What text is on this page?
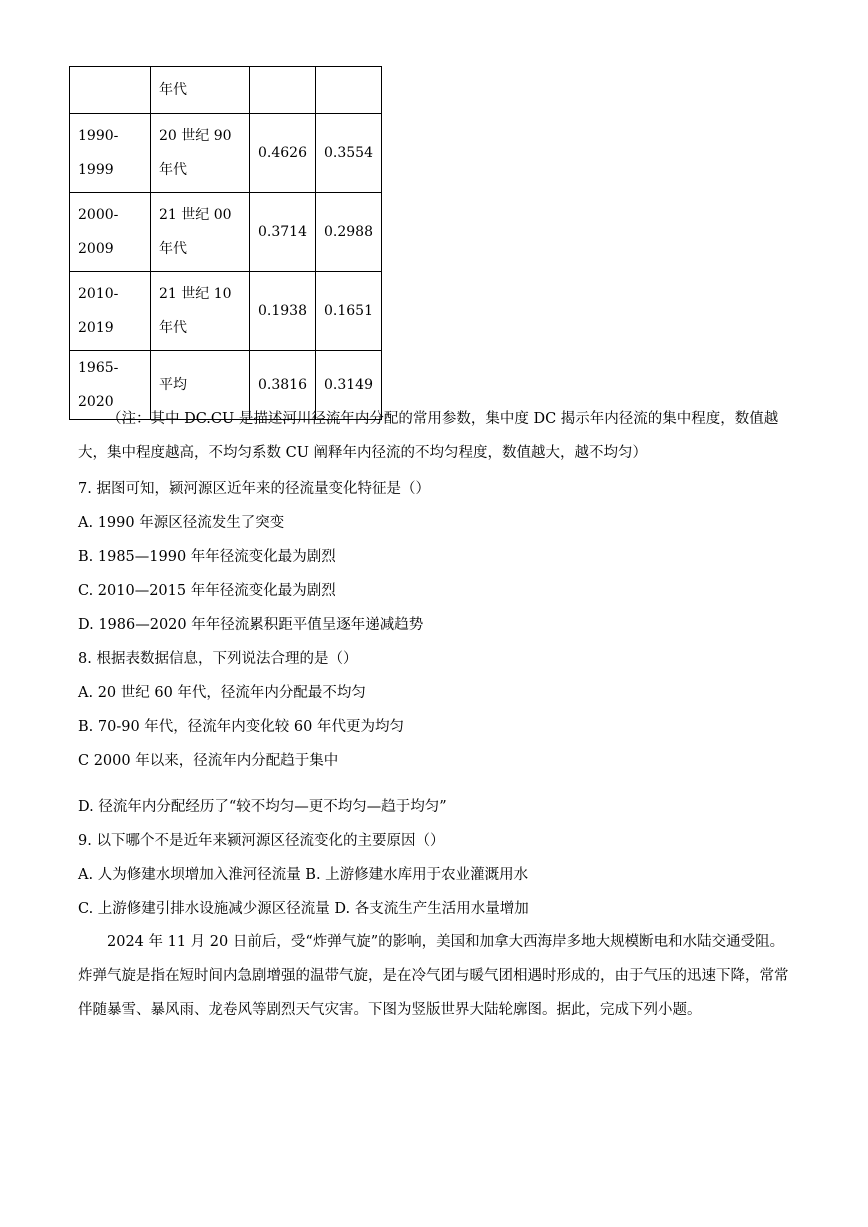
	年代		
1990-1999	20 世纪 90 年代	0.4626	0.3554
2000-2009	21 世纪 00 年代	0.3714	0.2988
2010-2019	21 世纪 10 年代	0.1938	0.1651
1965-2020	平均	0.3816	0.3149
（注：其中 DC.CU 是描述河川径流年内分配的常用参数，集中度 DC 揭示年内径流的集中程度，数值越大，集中程度越高，不均匀系数 CU 阐释年内径流的不均匀程度，数值越大，越不均匀）
7. 据图可知，颍河源区近年来的径流量变化特征是（）
A. 1990 年源区径流发生了突变
B. 1985—1990 年年径流变化最为剧烈
C. 2010—2015 年年径流变化最为剧烈
D. 1986—2020 年年径流累积距平值呈逐年递减趋势
8. 根据表数据信息，下列说法合理的是（）
A. 20 世纪 60 年代，径流年内分配最不均匀
B. 70-90 年代，径流年内变化较 60 年代更为均匀
C 2000 年以来，径流年内分配趋于集中
D. 径流年内分配经历了“较不均匀—更不均匀—趋于均匀”
9. 以下哪个不是近年来颍河源区径流变化的主要原因（）
A. 人为修建水坝增加入淮河径流量 B. 上游修建水库用于农业灌溉用水
C. 上游修建引排水设施减少源区径流量 D. 各支流生产生活用水量增加
2024 年 11 月 20 日前后，受“炸弹气旋”的影响，美国和加拿大西海岸多地大规模断电和水陆交通受阻。炸弹气旋是指在短时间内急剧增强的温带气旋，是在冷气团与暖气团相遇时形成的，由于气压的迅速下降，常常伴随暴雪、暴风雨、龙卷风等剧烈天气灾害。下图为竖版世界大陆轮廓图。据此，完成下列小题。
